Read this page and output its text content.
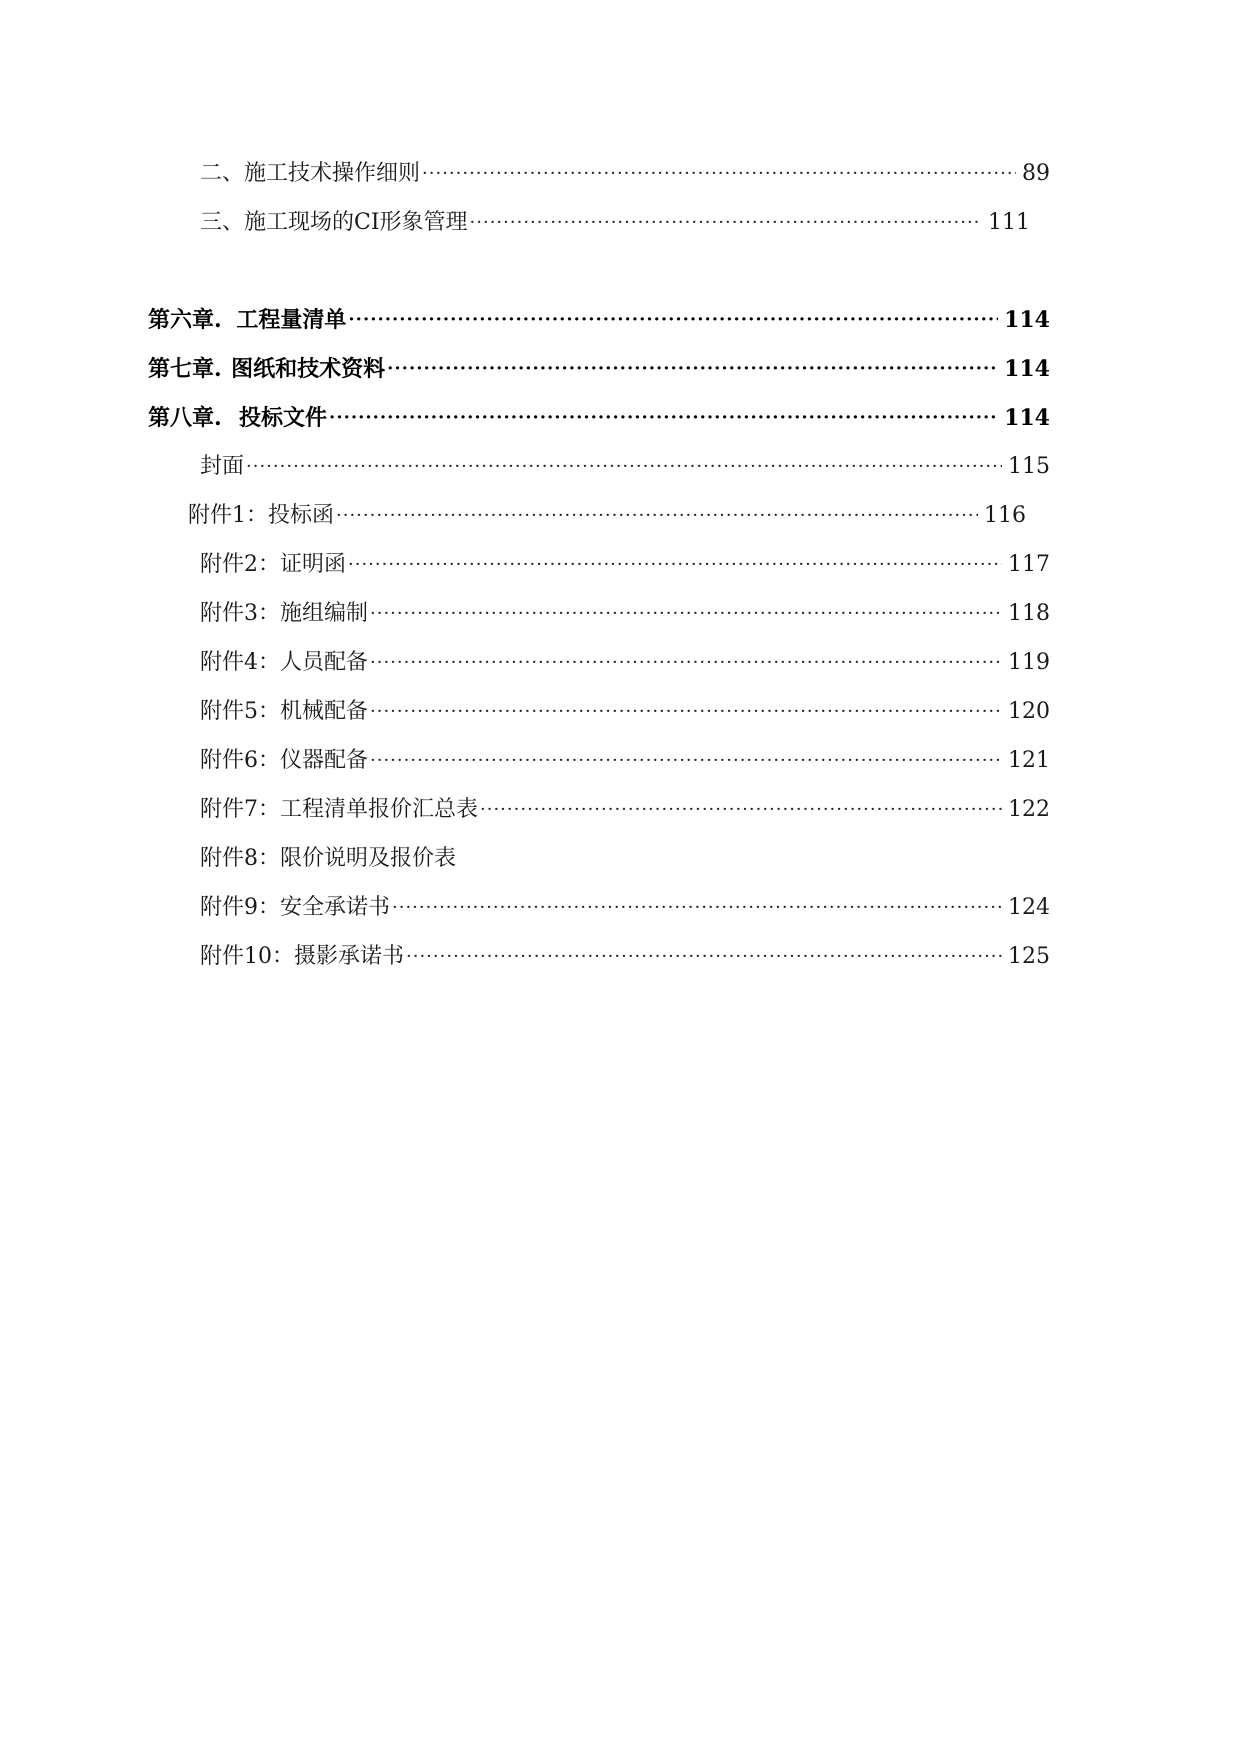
二、 施工技术操作细则 ·····	89
三、 施工现场的CI形象管理 ·····	111
第六章. 工程量清单 ·····	114
第七章. 图纸和技术资料 ·····	114
第八章. 投标文件 ·····	114
封面 ·····	115
附件1： 投标函 ·····	116
附件2： 证明函 ·····	117
附件3： 施组编制 ·····	118
附件4： 人员配备 ·····	119
附件5： 机械配备 ·····	120
附件6： 仪器配备 ·····	121
附件7： 工程清单报价汇总表 ·····	122
附件8： 限价说明及报价表
附件9： 安全承诺书 ·····	124
附件10： 摄影承诺书 ·····	125
